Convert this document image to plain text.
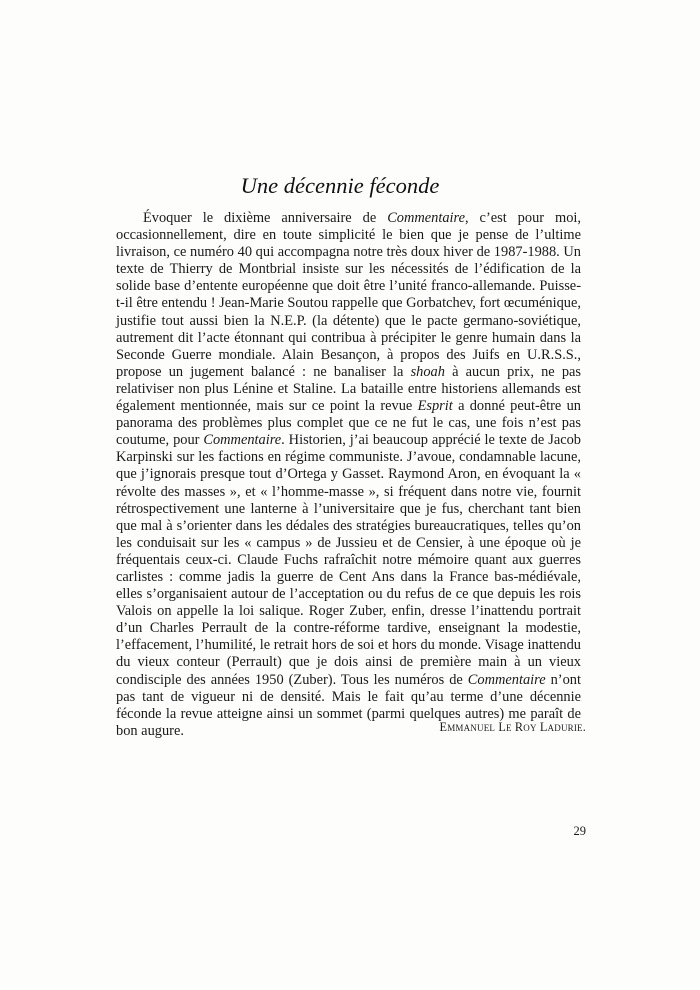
Une décennie féconde

Évoquer le dixième anniversaire de Commentaire, c’est pour moi, occasionnellement, dire en toute simplicité le bien que je pense de l’ultime livraison, ce numéro 40 qui accompagna notre très doux hiver de 1987-1988. Un texte de Thierry de Montbrial insiste sur les nécessités de l’édification de la solide base d’entente européenne que doit être l’unité franco-allemande. Puisse-t-il être entendu ! Jean-Marie Soutou rappelle que Gorbatchev, fort œcuménique, justifie tout aussi bien la N.E.P. (la détente) que le pacte germano-soviétique, autrement dit l’acte étonnant qui contribua à précipiter le genre humain dans la Seconde Guerre mondiale. Alain Besançon, à propos des Juifs en U.R.S.S., propose un jugement balancé : ne banaliser la shoah à aucun prix, ne pas relativiser non plus Lénine et Staline. La bataille entre historiens allemands est également mentionnée, mais sur ce point la revue Esprit a donné peut-être un panorama des problèmes plus complet que ce ne fut le cas, une fois n’est pas coutume, pour Commentaire. Historien, j’ai beaucoup apprécié le texte de Jacob Karpinski sur les factions en régime communiste. J’avoue, condamnable lacune, que j’ignorais presque tout d’Ortega y Gasset. Raymond Aron, en évoquant la « révolte des masses », et « l’homme-masse », si fréquent dans notre vie, fournit rétrospectivement une lanterne à l’universitaire que je fus, cherchant tant bien que mal à s’orienter dans les dédales des stratégies bureaucratiques, telles qu’on les conduisait sur les « campus » de Jussieu et de Censier, à une époque où je fréquentais ceux-ci. Claude Fuchs rafraîchit notre mémoire quant aux guerres carlistes : comme jadis la guerre de Cent Ans dans la France bas-médiévale, elles s’organisaient autour de l’acceptation ou du refus de ce que depuis les rois Valois on appelle la loi salique. Roger Zuber, enfin, dresse l’inattendu portrait d’un Charles Perrault de la contre-réforme tardive, enseignant la modestie, l’effacement, l’humilité, le retrait hors de soi et hors du monde. Visage inattendu du vieux conteur (Perrault) que je dois ainsi de première main à un vieux condisciple des années 1950 (Zuber). Tous les numéros de Commentaire n’ont pas tant de vigueur ni de densité. Mais le fait qu’au terme d’une décennie féconde la revue atteigne ainsi un sommet (parmi quelques autres) me paraît de bon augure.	Emmanuel Le Roy Ladurie.
29
